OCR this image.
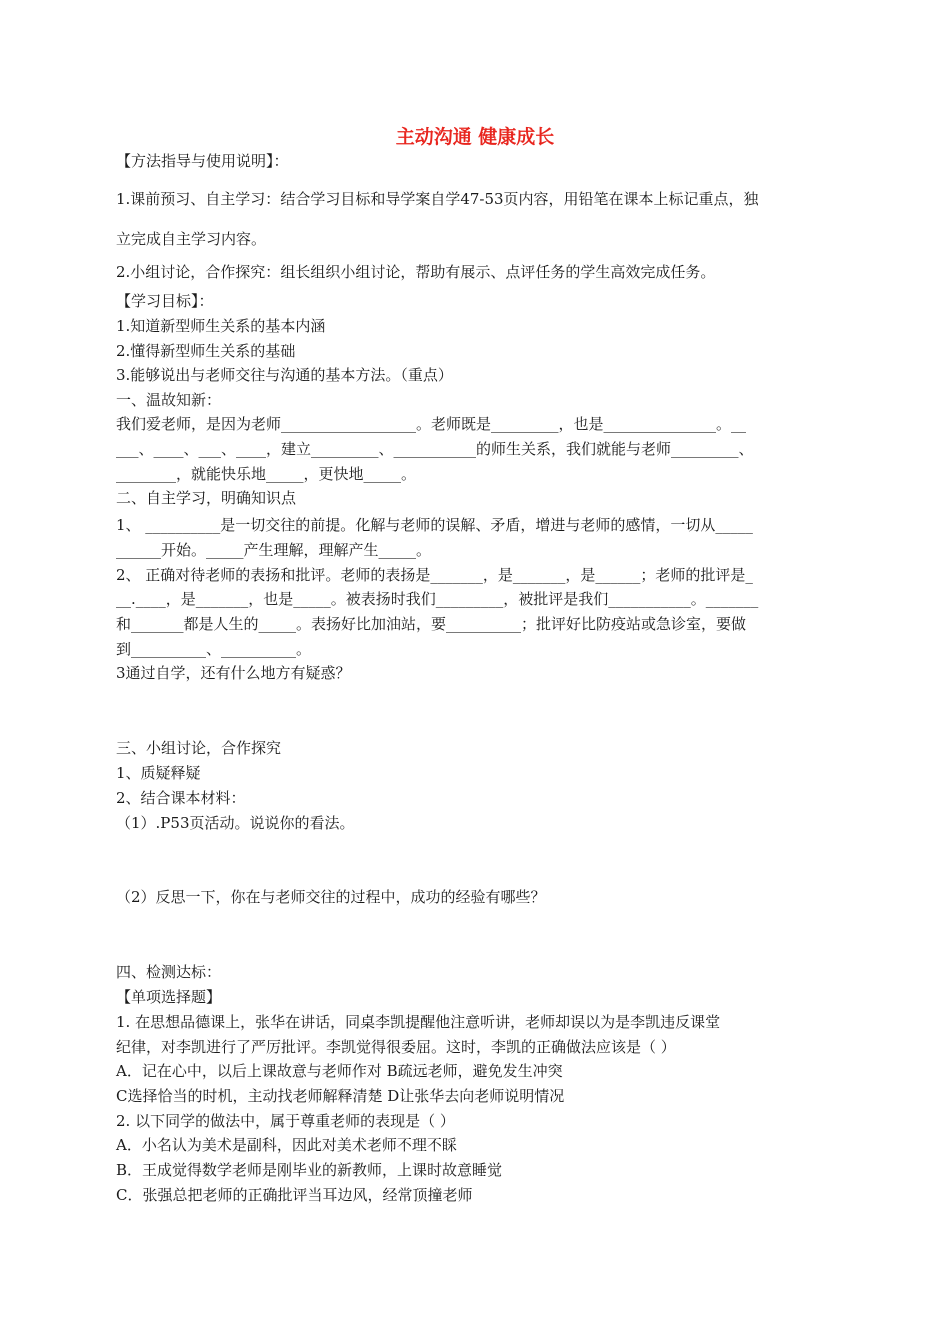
主动沟通 健康成长
【方法指导与使用说明】：
1.课前预习、自主学习：结合学习目标和导学案自学47-53页内容，用铅笔在课本上标记重点，独
立完成自主学习内容。
2.小组讨论，合作探究：组长组织小组讨论，帮助有展示、点评任务的学生高效完成任务。
【学习目标】：
1.知道新型师生关系的基本内涵
2.懂得新型师生关系的基础
3.能够说出与老师交往与沟通的基本方法。（重点）
一、温故知新：
我们爱老师，是因为老师__________________。老师既是_________，也是_______________。__
___、____、___、____，建立_________、___________的师生关系，我们就能与老师_________、
________，就能快乐地_____，更快地_____。
二、自主学习，明确知识点
1、 __________是一切交往的前提。化解与老师的误解、矛盾，增进与老师的感情，一切从_____
______开始。_____产生理解，理解产生_____。
2、 正确对待老师的表扬和批评。老师的表扬是_______，是_______，是______；老师的批评是_
__.____，是_______，也是_____。被表扬时我们_________，被批评是我们___________。_______
和_______都是人生的_____。表扬好比加油站，要__________；批评好比防疫站或急诊室，要做
到__________、__________。
3通过自学，还有什么地方有疑惑？
三、小组讨论，合作探究
1、质疑释疑
2、结合课本材料：
（1）.P53页活动。说说你的看法。
（2）反思一下，你在与老师交往的过程中，成功的经验有哪些？
四、检测达标：
【单项选择题】
1. 在思想品德课上，张华在讲话，同桌李凯提醒他注意听讲，老师却误以为是李凯违反课堂
纪律，对李凯进行了严厉批评。李凯觉得很委屈。这时，李凯的正确做法应该是（ ）
A．记在心中，以后上课故意与老师作对 B疏远老师，避免发生冲突
C选择恰当的时机，主动找老师解释清楚 D让张华去向老师说明情况
2. 以下同学的做法中，属于尊重老师的表现是（ ）
A．小名认为美术是副科，因此对美术老师不理不睬
B．王成觉得数学老师是刚毕业的新教师，上课时故意睡觉
C．张强总把老师的正确批评当耳边风，经常顶撞老师
